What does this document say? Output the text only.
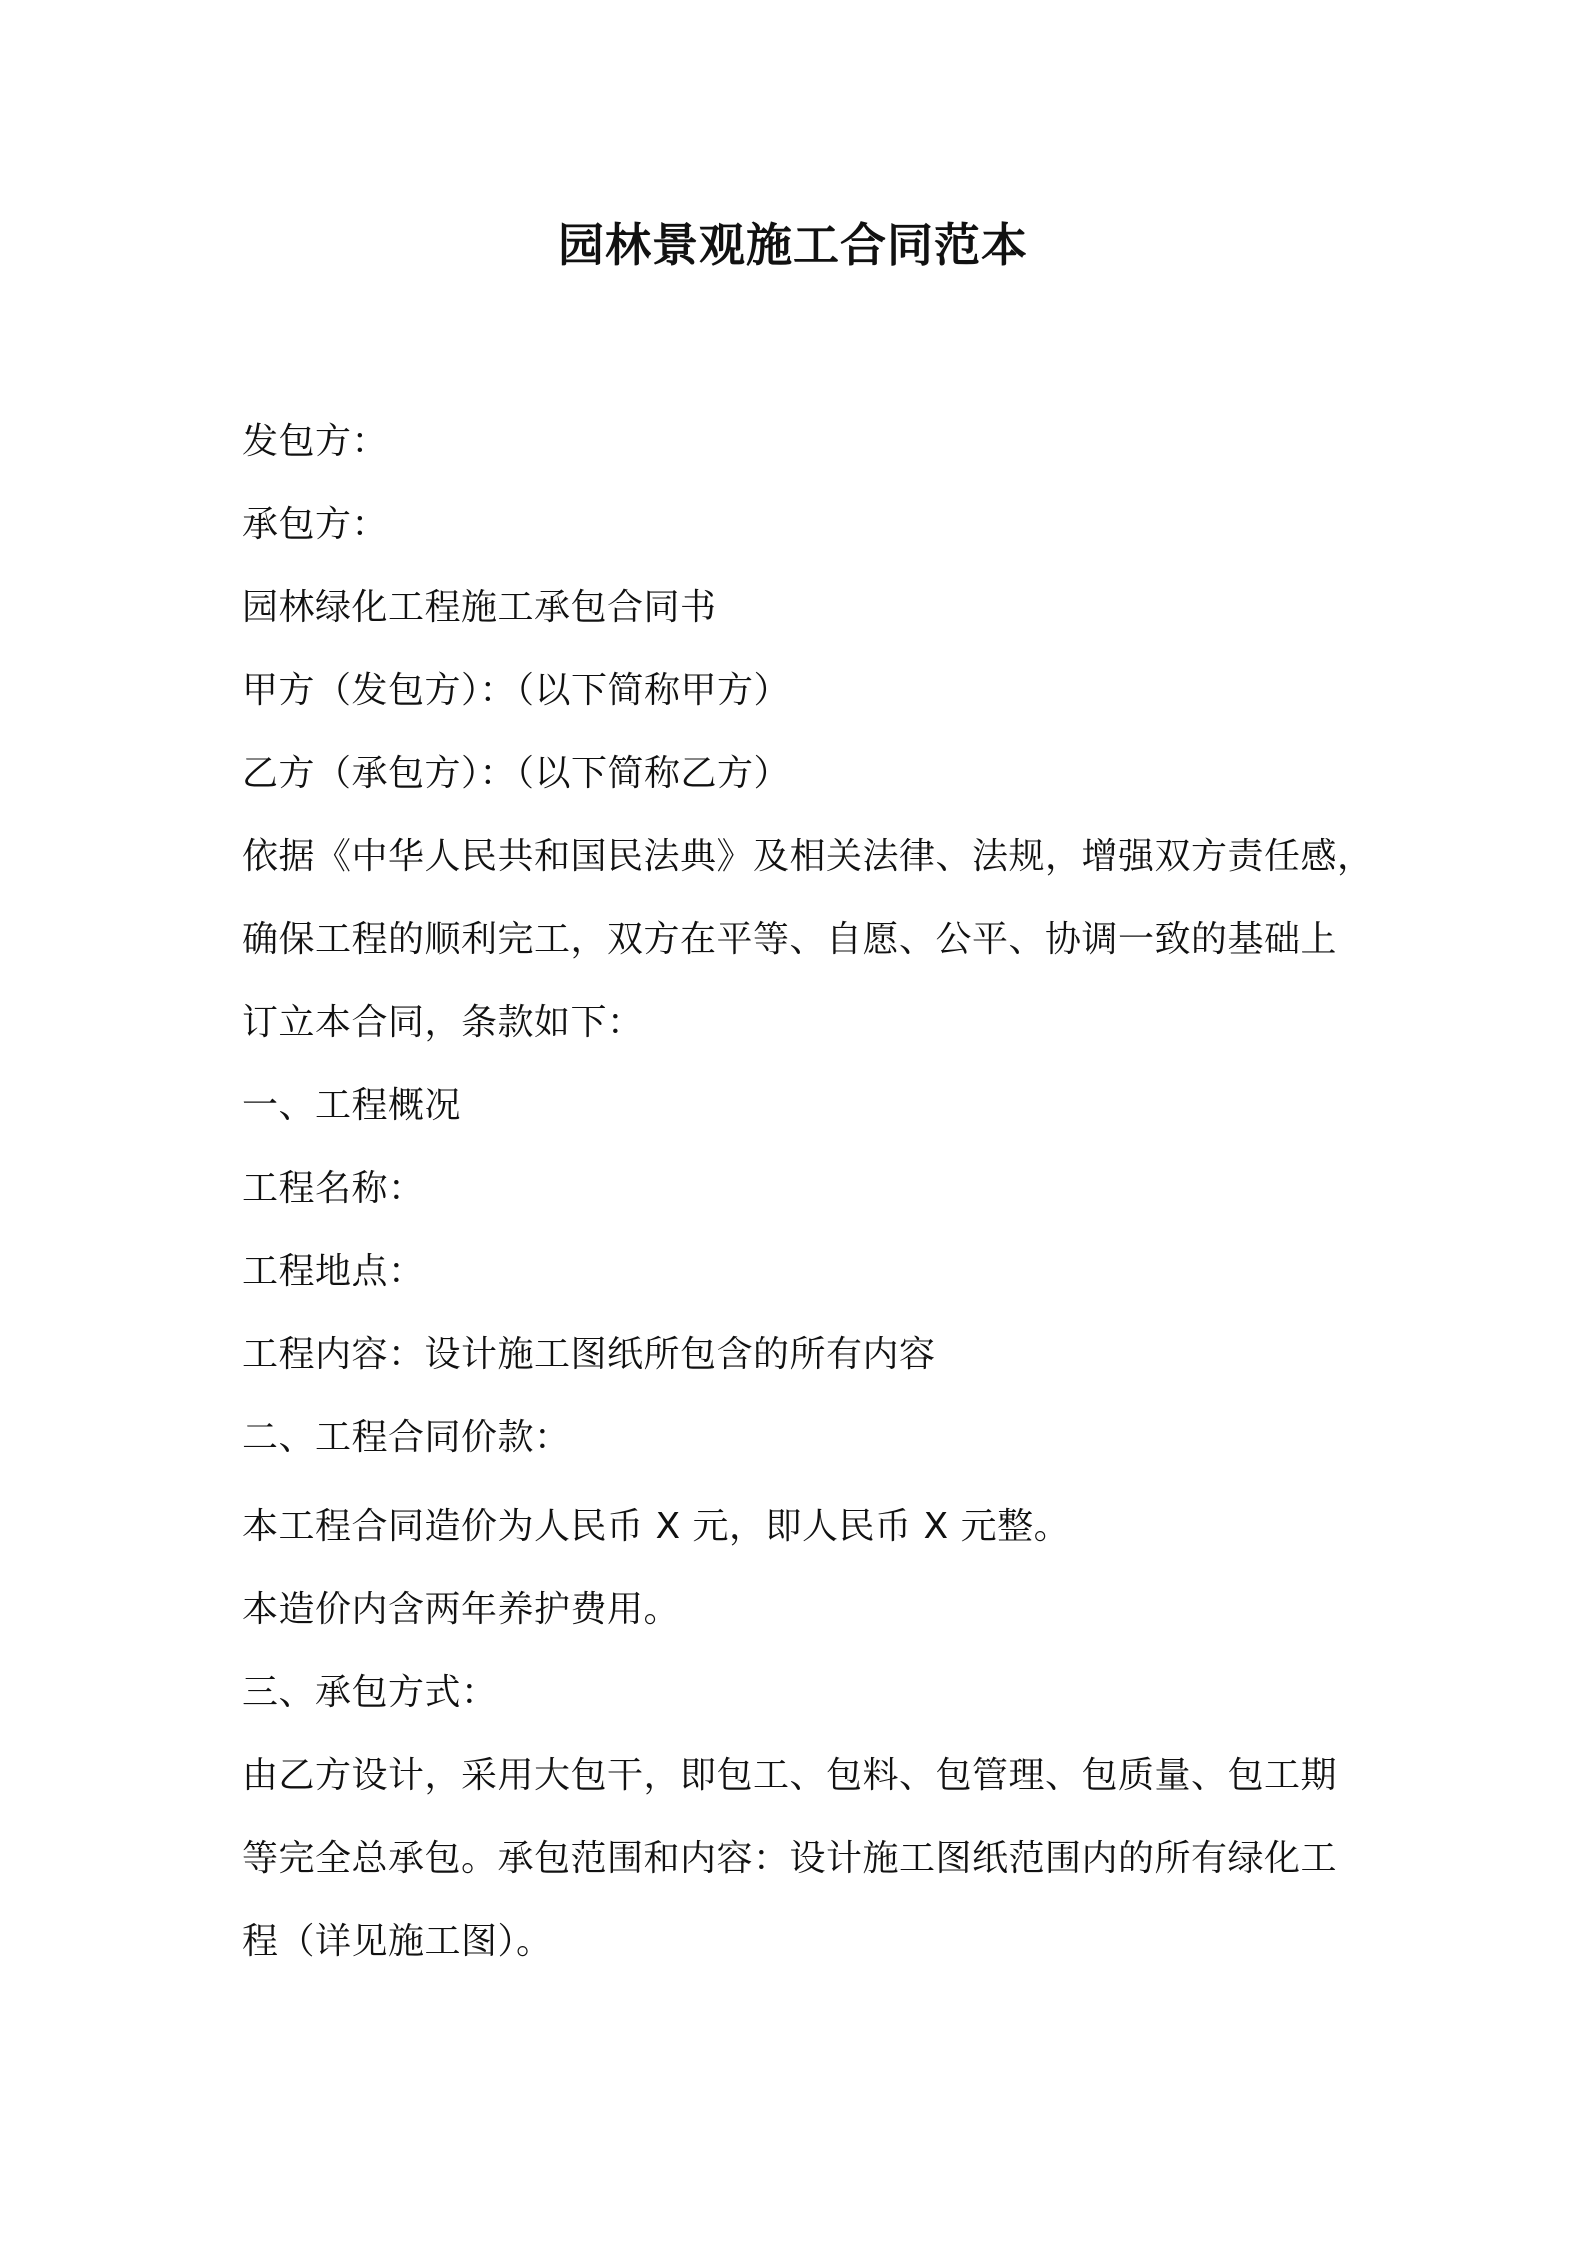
园林景观施工合同范本
发包方：
承包方：
园林绿化工程施工承包合同书
甲方（发包方）：（以下简称甲方）
乙方（承包方）：（以下简称乙方）
依据《中华人民共和国民法典》及相关法律、法规，增强双方责任感，
确保工程的顺利完工，双方在平等、自愿、公平、协调一致的基础上
订立本合同，条款如下：
一、工程概况
工程名称：
工程地点：
工程内容：设计施工图纸所包含的所有内容
二、工程合同价款：
本工程合同造价为人民币 X 元，即人民币 X 元整。
本造价内含两年养护费用。
三、承包方式：
由乙方设计，采用大包干，即包工、包料、包管理、包质量、包工期
等完全总承包。承包范围和内容：设计施工图纸范围内的所有绿化工
程（详见施工图）。
